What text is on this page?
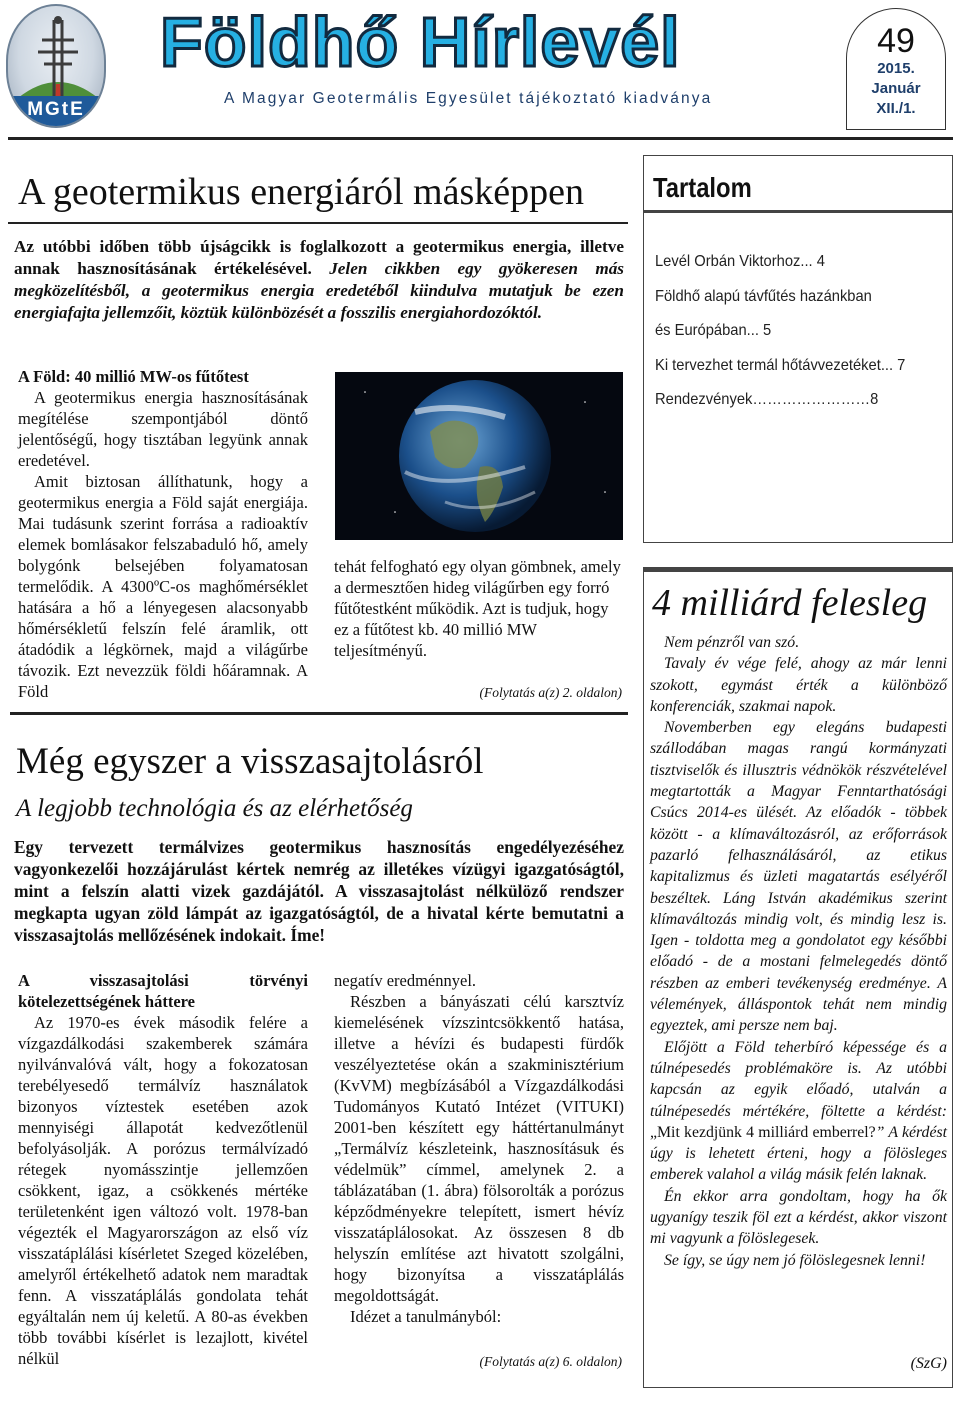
MGtE
Földhő Hírlevél
A Magyar Geotermális Egyesület tájékoztató kiadványa
49
2015.
Január
XII./1.
A geotermikus energiáról másképpen
Az utóbbi időben több újságcikk is foglalkozott a geotermikus energia, illetve annak hasznosításának értékelésével. Jelen cikkben egy gyökeresen más megközelítésből, a geotermikus energia eredetéből kiindulva mutatjuk be ezen energiafajta jellemzőit, köztük különbözését a fosszilis energiahordozóktól.
A Föld: 40 millió MW-os fűtőtest

A geotermikus energia hasznosításának megítélése szempontjából döntő jelentőségű, hogy tisztában legyünk annak eredetével.

Amit biztosan állíthatunk, hogy a geotermikus energia a Föld saját energiája. Mai tudásunk szerint forrása a radioaktív elemek bomlásakor felszabaduló hő, amely bolygónk belsejében folyamatosan termelődik. A 4300ºC-os maghőmérséklet hatására a hő a lényegesen alacsonyabb hőmérsékletű felszín felé áramlik, ott átadódik a légkörnek, majd a világűrbe távozik. Ezt nevezzük földi hőáramnak. A Föld

tehát felfogható egy olyan gömbnek, amely a dermesztően hideg világűrben egy forró fűtőtestként működik. Azt is tudjuk, hogy ez a fűtőtest kb. 40 millió MW teljesítményű.

(Folytatás a(z) 2. oldalon)
Még egyszer a visszasajtolásról
A legjobb technológia és az elérhetőség
Egy tervezett termálvizes geotermikus hasznosítás engedélyezéséhez vagyonkezelői hozzájárulást kértek nemrég az illetékes vízügyi igazgatóságtól, mint a felszín alatti vizek gazdájától. A visszasajtolást nélkülöző rendszer megkapta ugyan zöld lámpát az igazgatóságtól, de a hivatal kérte bemutatni a visszasajtolás mellőzésének indokait. Íme!
A visszasajtolási törvényi kötelezettségének háttere

Az 1970-es évek második felére a vízgazdálkodási szakemberek számára nyilvánvalóvá vált, hogy a fokozatosan terebélyesedő termálvíz használatok bizonyos víztestek esetében azok mennyiségi állapotát kedvezőtlenül befolyásolják. A porózus termálvízadó rétegek nyomásszintje jellemzően csökkent, igaz, a csökkenés mértéke területenként igen változó volt. 1978-ban végezték el Magyarországon az első víz visszatáplálási kísérletet Szeged közelében, amelyről értékelhető adatok nem maradtak fenn. A visszatáplálás gondolata tehát egyáltalán nem új keletű. A 80-as években több további kísérlet is lezajlott, kivétel nélkül

negatív eredménnyel.

Részben a bányászati célú karsztvíz kiemelésének vízszintcsökkentő hatása, illetve a hévízi és budapesti fürdők veszélyeztetése okán a szakminisztérium (KvVM) megbízásából a Vízgazdálkodási Tudományos Kutató Intézet (VITUKI) 2001-ben készített egy háttértanulmányt „Termálvíz készleteink, hasznosításuk és védelmük” címmel, amelynek 2. a táblázatában (1. ábra) fölsorolták a porózus képződményekre telepített, ismert hévíz visszatáplálosokat. Az összesen 8 db helyszín említése azt hivatott szolgálni, hogy bizonyítsa a visszatáplálás megoldottságát.

Idézet a tanulmányból:

(Folytatás a(z) 6. oldalon)
Tartalom
Levél Orbán Viktorhoz... 4
Földhő alapú távfűtés hazánkban
és Európában... 5
Ki tervezhet termál hőtávvezetéket... 7
Rendezvények……………………8
4 milliárd felesleg

Nem pénzről van szó.

Tavaly év vége felé, ahogy az már lenni szokott, egymást érték a különböző konferenciák, szakmai napok.

Novemberben egy elegáns budapesti szállodában magas rangú kormányzati tisztviselők és illusztris védnökök részvételével megtartották a Magyar Fenntarthatósági Csúcs 2014-es ülését. Az előadók - többek között - a klímaváltozásról, az erőforrások pazarló felhasználásáról, az etikus kapitalizmus és üzleti magatartás esélyéről beszéltek. Láng István akadémikus szerint klímaváltozás mindig volt, és mindig lesz is. Igen - toldotta meg a gondolatot egy későbbi előadó - de a mostani felmelegedés döntő részben az emberi tevékenység eredménye. A vélemények, álláspontok tehát nem mindig egyeztek, ami persze nem baj.

Előjött a Föld teherbíró képessége és a túlnépesedés problémaköre is. Az utóbbi kapcsán az egyik előadó, utalván a túlnépesedés mértékére, föltette a kérdést: „Mit kezdjünk 4 milliárd emberrel?” A kérdést úgy is lehetett érteni, hogy a fölösleges emberek valahol a világ másik felén laknak.

Én ekkor arra gondoltam, hogy ha ők ugyanígy teszik föl ezt a kérdést, akkor viszont mi vagyunk a fölöslegesek.

Se így, se úgy nem jó fölöslegesnek lenni!

(SzG)
